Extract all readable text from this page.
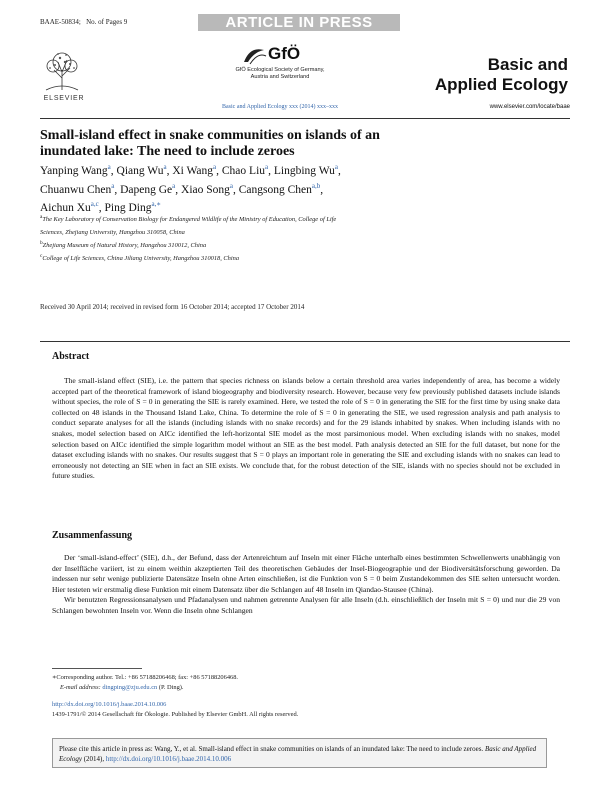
BAAE-50834; No. of Pages 9	ARTICLE IN PRESS
ELSEVIER
GfÖ
GfÖ Ecological Society of Germany,
Austria and Switzerland
Basic and Applied Ecology xxx (2014) xxx–xxx
Basic and
Applied Ecology
www.elsevier.com/locate/baae
Small-island effect in snake communities on islands of an
inundated lake: The need to include zeroes
Yanping Wang$^a$, Qiang Wu$^a$, Xi Wang$^a$, Chao Liu$^a$, Lingbing Wu$^a$,
Chuanwu Chen$^a$, Dapeng Ge$^a$, Xiao Song$^a$, Cangsong Chen$^{a,b}$,
Aichun Xu$^{a,c}$, Ping Ding$^{a,∗}$
$^a$The Key Laboratory of Conservation Biology for Endangered Wildlife of the Ministry of Education, College of Life
Sciences, Zhejiang University, Hangzhou 310058, China
$^b$Zhejiang Museum of Natural History, Hangzhou 310012, China
$^c$College of Life Sciences, China Jiliang University, Hangzhou 310018, China
Received 30 April 2014; received in revised form 16 October 2014; accepted 17 October 2014
Abstract

The small-island effect (SIE), i.e. the pattern that species richness on islands below a certain threshold area varies independently of area, has become a widely accepted part of the theoretical framework of island biogeography and biodiversity research. However, because very few previously published datasets include islands without species, the role of S = 0 in generating the SIE is rarely examined. Here, we tested the role of S = 0 in generating the SIE for the first time by using snake data collected on 48 islands in the Thousand Island Lake, China. To determine the role of S = 0 in generating the SIE, we used regression analysis and path analysis to conduct separate analyses for all the islands (including islands with no snake records) and for the 29 islands inhabited by snakes. When including islands with no snakes, model selection based on AICc identified the left-horizontal SIE model as the most parsimonious model. When excluding islands with no snakes, model selection based on AICc identified the simple logarithm model without an SIE as the best model. Path analysis detected an SIE for the full dataset, but none for the dataset excluding islands with no snakes. Our results suggest that S = 0 plays an important role in generating the SIE and excluding islands with no snakes can lead to erroneously not detecting an SIE when in fact an SIE exists. We conclude that, for the robust detection of the SIE, islands with no species should not be excluded in future studies.

Zusammenfassung

Der ‘small-island-effect’ (SIE), d.h., der Befund, dass der Artenreichtum auf Inseln mit einer Fläche unterhalb eines bestimmten Schwellenwerts unabhängig von der Inselfläche variiert, ist zu einem weithin akzeptierten Teil des theoretischen Gebäudes der Insel-Biogeographie und der Biodiversitätsforschung geworden. Da indessen nur sehr wenige publizierte Datensätze Inseln ohne Arten einschließen, ist die Funktion von S = 0 beim Zustandekommen des SIE selten untersucht worden. Hier testeten wir erstmalig diese Funktion mit einem Datensatz über die Schlangen auf 48 Inseln im Qiandao-Stausee (China).

Wir benutzten Regressionsanalysen und Pfadanalysen und nahmen getrennte Analysen für alle Inseln (d.h. einschließlich der Inseln mit S = 0) und nur die 29 von Schlangen bewohnten Inseln vor. Wenn die Inseln ohne Schlangen

∗Corresponding author. Tel.: +86 57188206468; fax: +86 57188206468.
E-mail address: dingping@zju.edu.cn (P. Ding).
http://dx.doi.org/10.1016/j.baae.2014.10.006
1439-1791/© 2014 Gesellschaft für Ökologie. Published by Elsevier GmbH. All rights reserved.
Please cite this article in press as: Wang, Y., et al. Small-island effect in snake communities on islands of an inundated lake: The need to include zeroes. Basic and Applied Ecology (2014), http://dx.doi.org/10.1016/j.baae.2014.10.006
